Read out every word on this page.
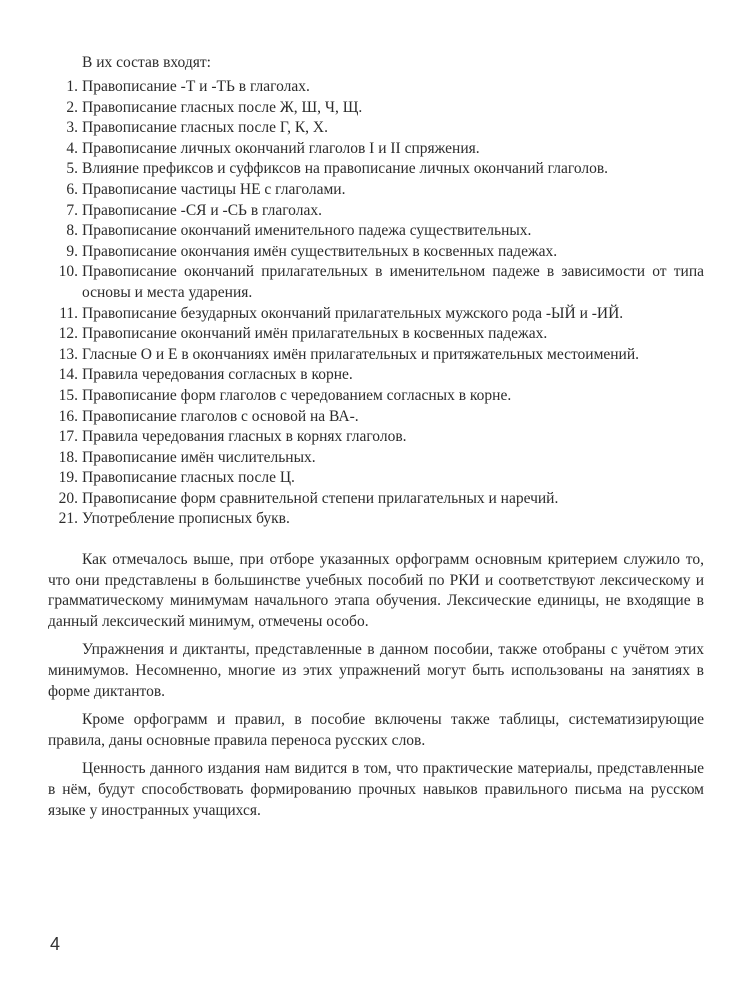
В их состав входят:
1. Правописание -Т и -ТЬ в глаголах.
2. Правописание гласных после Ж, Ш, Ч, Щ.
3. Правописание гласных после Г, К, Х.
4. Правописание личных окончаний глаголов I и II спряжения.
5. Влияние префиксов и суффиксов на правописание личных окончаний глаголов.
6. Правописание частицы НЕ с глаголами.
7. Правописание -СЯ и -СЬ в глаголах.
8. Правописание окончаний именительного падежа существительных.
9. Правописание окончания имён существительных в косвенных падежах.
10. Правописание окончаний прилагательных в именительном падеже в зависимости от типа основы и места ударения.
11. Правописание безударных окончаний прилагательных мужского рода -ЫЙ и -ИЙ.
12. Правописание окончаний имён прилагательных в косвенных падежах.
13. Гласные О и Е в окончаниях имён прилагательных и притяжательных местоимений.
14. Правила чередования согласных в корне.
15. Правописание форм глаголов с чередованием согласных в корне.
16. Правописание глаголов с основой на ВА-.
17. Правила чередования гласных в корнях глаголов.
18. Правописание имён числительных.
19. Правописание гласных после Ц.
20. Правописание форм сравнительной степени прилагательных и наречий.
21. Употребление прописных букв.

Как отмечалось выше, при отборе указанных орфограмм основным критерием служило то, что они представлены в большинстве учебных пособий по РКИ и соответствуют лексическому и грамматическому минимумам начального этапа обучения. Лексические единицы, не входящие в данный лексический минимум, отмечены особо.

Упражнения и диктанты, представленные в данном пособии, также отобраны с учётом этих минимумов. Несомненно, многие из этих упражнений могут быть использованы на занятиях в форме диктантов.

Кроме орфограмм и правил, в пособие включены также таблицы, систематизирующие правила, даны основные правила переноса русских слов.

Ценность данного издания нам видится в том, что практические материалы, представленные в нём, будут способствовать формированию прочных навыков правильного письма на русском языке у иностранных учащихся.

4
